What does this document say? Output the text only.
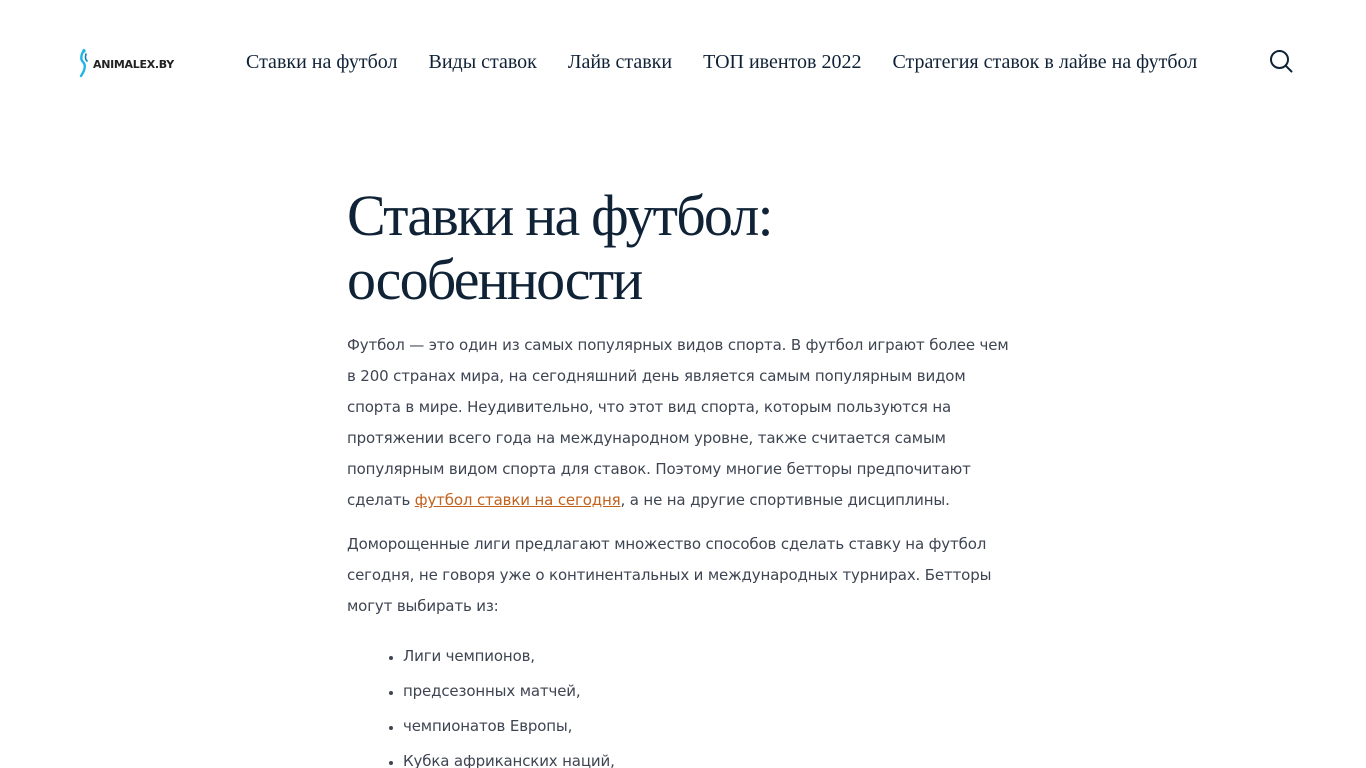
ANIMALEX.BY	Ставки на футбол Виды ставок Лайв ставки ТОП ивентов 2022 Стратегия ставок в лайве на футбол
Ставки на футбол: особенности

Футбол — это один из самых популярных видов спорта. В футбол играют более чем в 200 странах мира, на сегодняшний день является самым популярным видом спорта в мире. Неудивительно, что этот вид спорта, которым пользуются на протяжении всего года на международном уровне, также считается самым популярным видом спорта для ставок. Поэтому многие бетторы предпочитают сделать футбол ставки на сегодня, а не на другие спортивные дисциплины.

Доморощенные лиги предлагают множество способов сделать ставку на футбол сегодня, не говоря уже о континентальных и международных турнирах. Бетторы могут выбирать из:

• Лиги чемпионов,
• предсезонных матчей,
• чемпионатов Европы,
• Кубка африканских наций,
